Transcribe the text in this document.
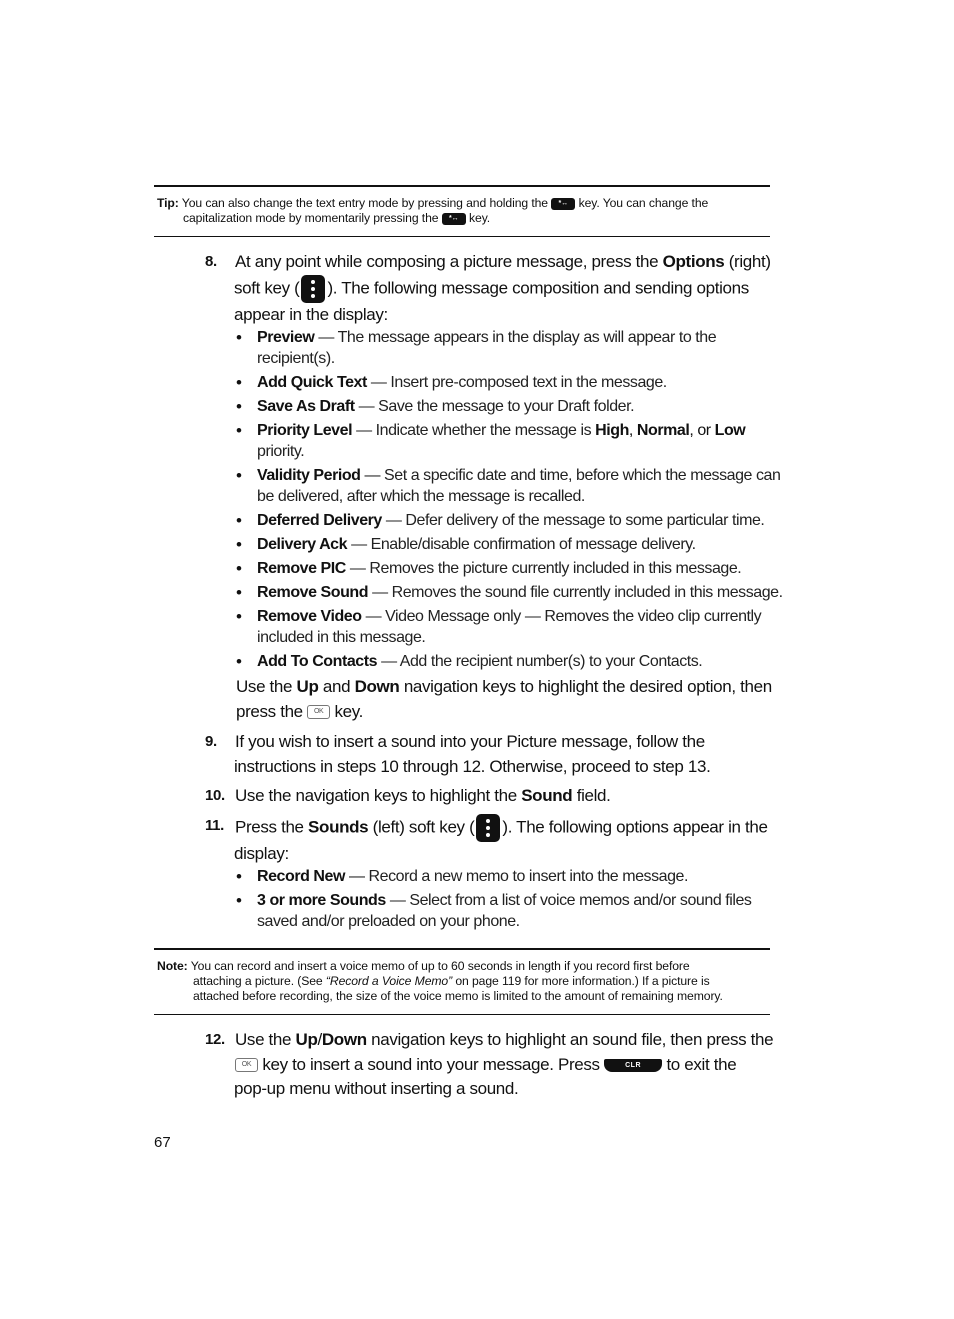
Tip: You can also change the text entry mode by pressing and holding the	*↔ key. You can change the
capitalization mode by momentarily pressing the	*↔ key.
8. At any point while composing a picture message, press the Options (right)
soft key ( ). The following message composition and sending options
appear in the display:
• Preview — The message appears in the display as will appear to the
recipient(s).
• Add Quick Text — Insert pre-composed text in the message.
• Save As Draft — Save the message to your Draft folder.
• Priority Level — Indicate whether the message is High, Normal, or Low
priority.
• Validity Period — Set a specific date and time, before which the message can
be delivered, after which the message is recalled.
• Deferred Delivery — Defer delivery of the message to some particular time.
• Delivery Ack — Enable/disable confirmation of message delivery.
• Remove PIC — Removes the picture currently included in this message.
• Remove Sound — Removes the sound file currently included in this message.
• Remove Video — Video Message only — Removes the video clip currently
included in this message.
• Add To Contacts — Add the recipient number(s) to your Contacts.
Use the Up and Down navigation keys to highlight the desired option, then
press the	OK key.
9. If you wish to insert a sound into your Picture message, follow the
instructions in steps 10 through 12. Otherwise, proceed to step 13.
10. Use the navigation keys to highlight the Sound field.
11. Press the Sounds (left) soft key ( ). The following options appear in the
display:
• Record New — Record a new memo to insert into the message.
• 3 or more Sounds — Select from a list of voice memos and/or sound files
saved and/or preloaded on your phone.
Note: You can record and insert a voice memo of up to 60 seconds in length if you record first before
attaching a picture. (See “Record a Voice Memo” on page 119 for more information.) If a picture is
attached before recording, the size of the voice memo is limited to the amount of remaining memory.
12. Use the Up/Down navigation keys to highlight an sound file, then press the
OK key to insert a sound into your message. Press	CLR	to exit the
pop-up menu without inserting a sound.
67
